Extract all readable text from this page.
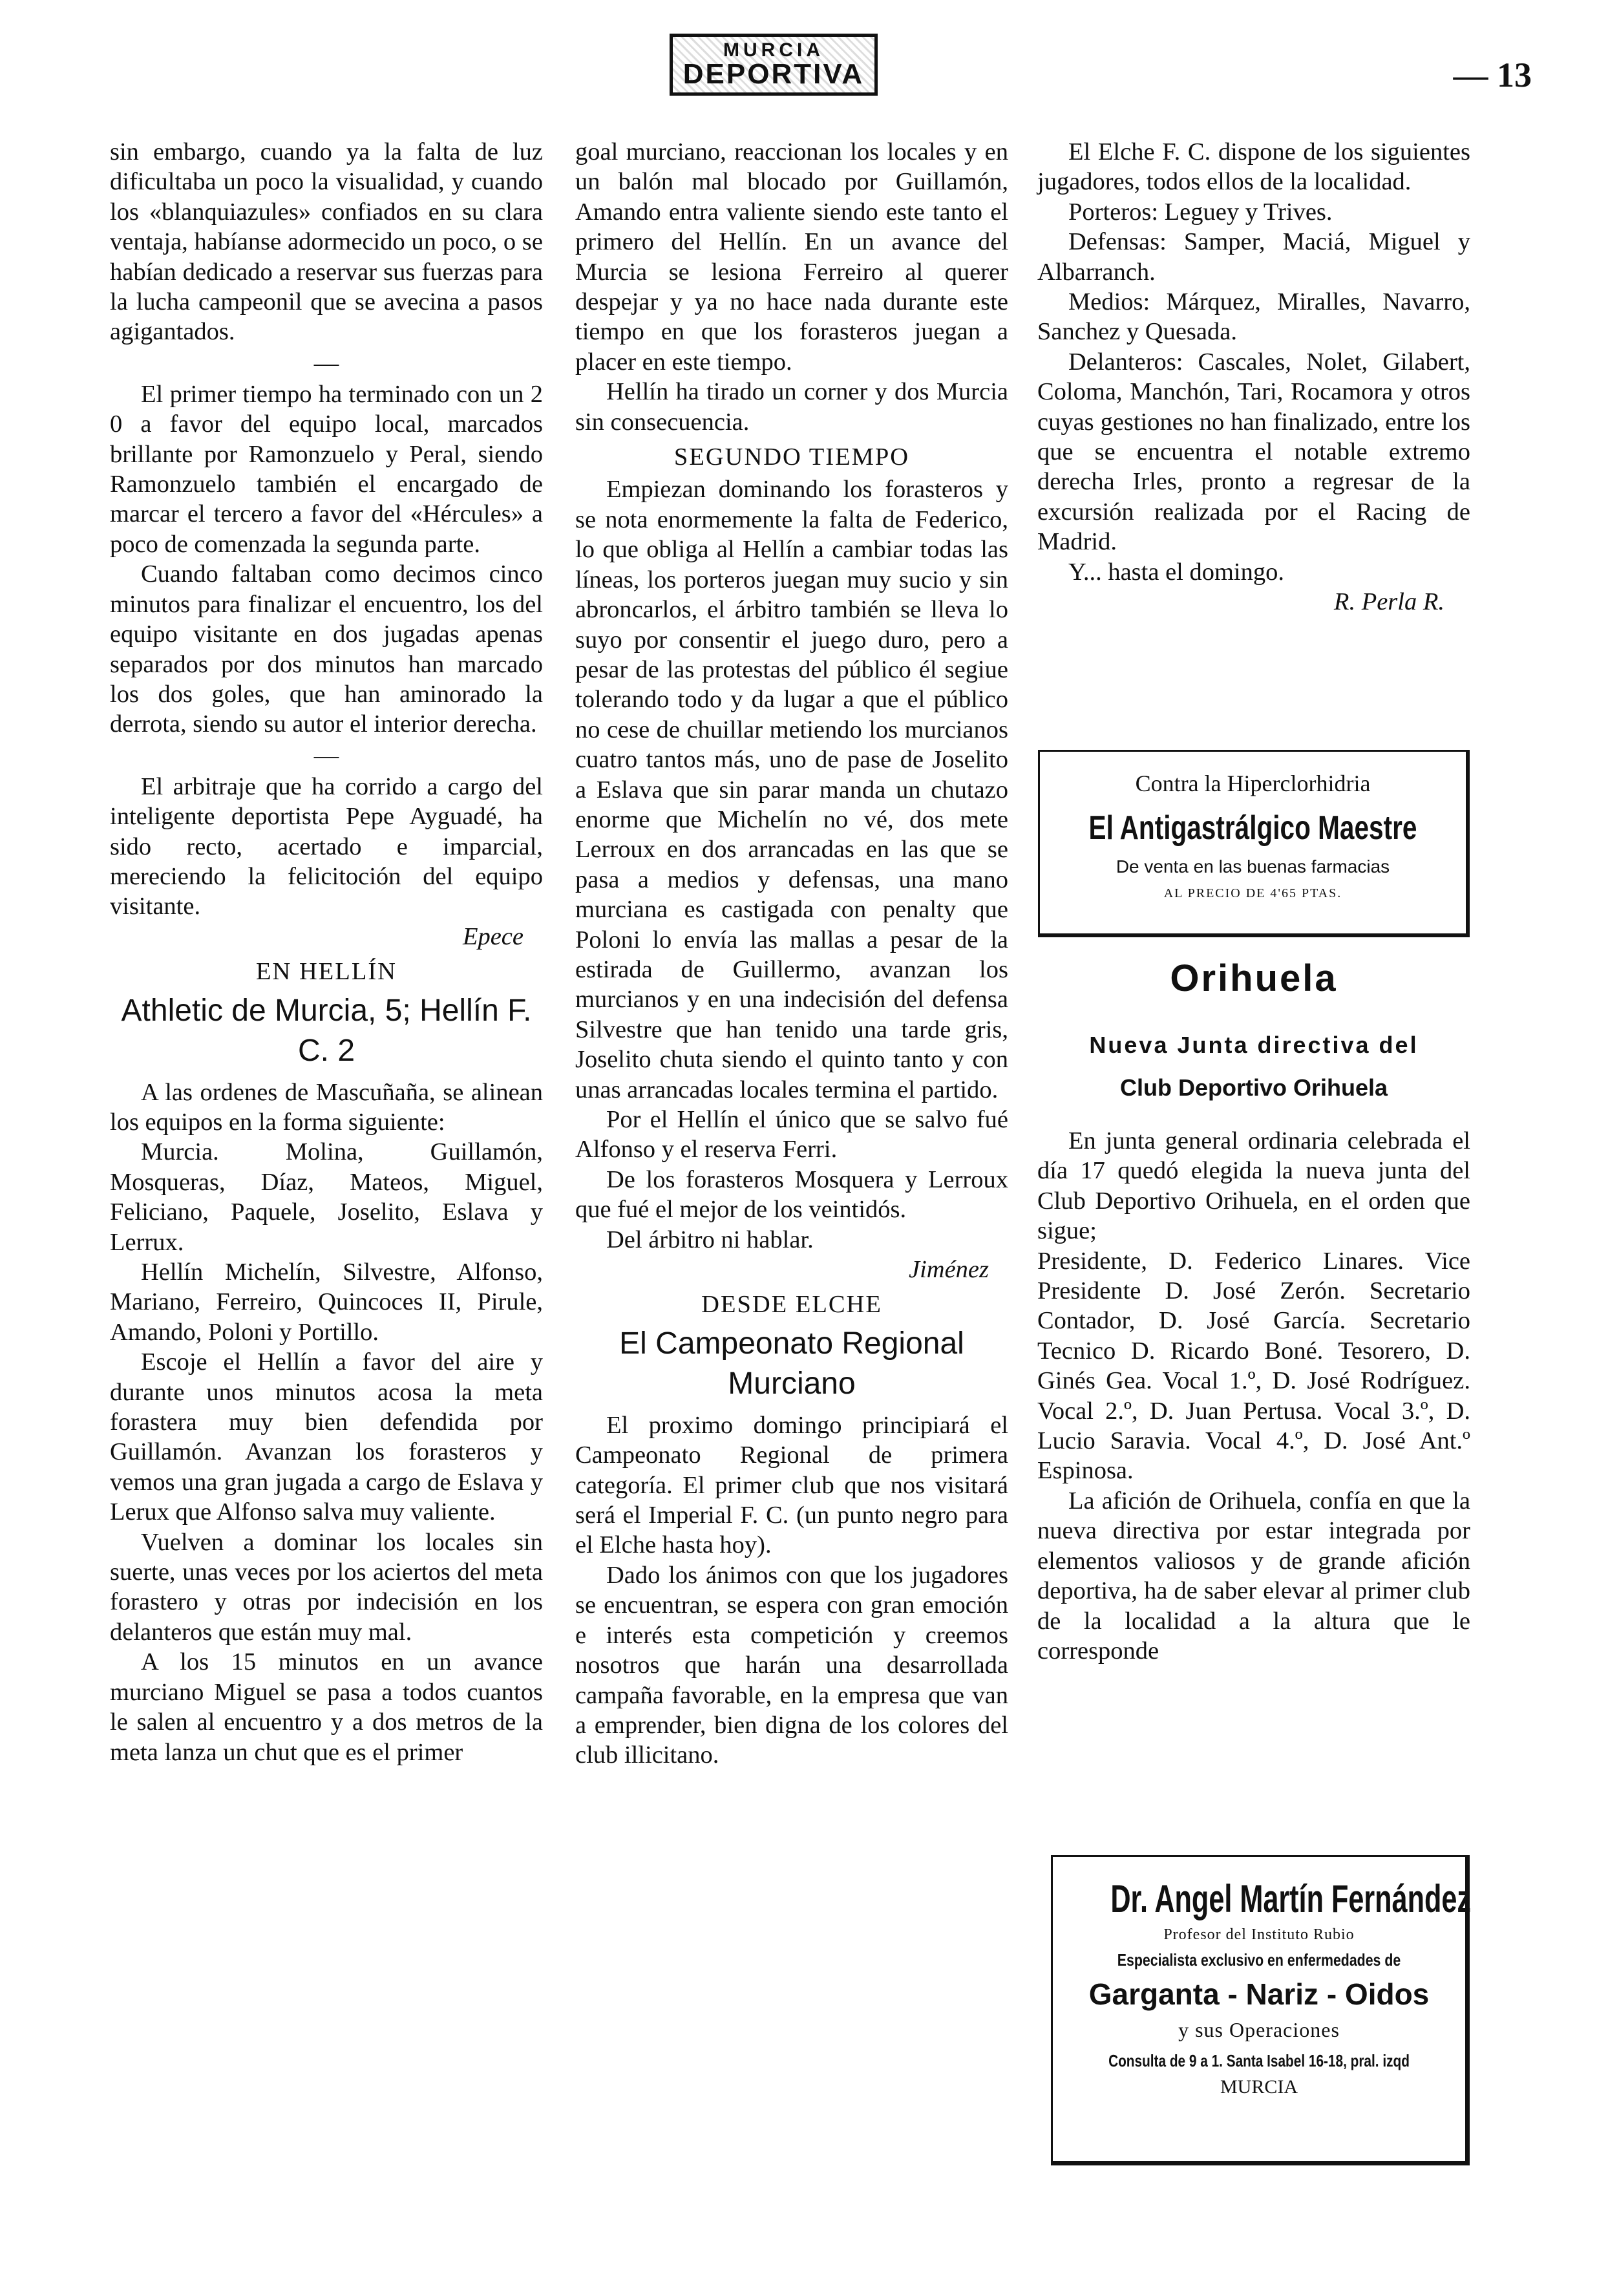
MURCIA
DEPORTIVA	— 13

sin embargo, cuando ya la falta de luz dificultaba un poco la visualidad, y cuando los «blanquiazules» confiados en su clara ventaja, habíanse adormecido un poco, o se habían dedicado a reservar sus fuerzas para la lucha campeonil que se avecina a pasos agigantados.

—

El primer tiempo ha terminado con un 2 0 a favor del equipo local, marcados brillante por Ramonzuelo y Peral, siendo Ramonzuelo también el encargado de marcar el tercero a favor del «Hércules» a poco de comenzada la segunda parte.

Cuando faltaban como decimos cinco minutos para finalizar el encuentro, los del equipo visitante en dos jugadas apenas separados por dos minutos han marcado los dos goles, que han aminorado la derrota, siendo su autor el interior derecha.

—

El arbitraje que ha corrido a cargo del inteligente deportista Pepe Ayguadé, ha sido recto, acertado e imparcial, mereciendo la felicitoción del equipo visitante.

Epece

EN HELLÍN
Athletic de Murcia, 5; Hellín F. C. 2

A las ordenes de Mascuñaña, se alinean los equipos en la forma siguiente:

Murcia. Molina, Guillamón, Mosqueras, Díaz, Mateos, Miguel, Feliciano, Paquele, Joselito, Eslava y Lerrux.

Hellín Michelín, Silvestre, Alfonso, Mariano, Ferreiro, Quincoces II, Pirule, Amando, Poloni y Portillo.

Escoje el Hellín a favor del aire y durante unos minutos acosa la meta forastera muy bien defendida por Guillamón. Avanzan los forasteros y vemos una gran jugada a cargo de Eslava y Lerux que Alfonso salva muy valiente.

Vuelven a dominar los locales sin suerte, unas veces por los aciertos del meta forastero y otras por indecisión en los delanteros que están muy mal.

A los 15 minutos en un avance murciano Miguel se pasa a todos cuantos le salen al encuentro y a dos metros de la meta lanza un chut que es el primer

goal murciano, reaccionan los locales y en un balón mal blocado por Guillamón, Amando entra valiente siendo este tanto el primero del Hellín. En un avance del Murcia se lesiona Ferreiro al querer despejar y ya no hace nada durante este tiempo en que los forasteros juegan a placer en este tiempo.

Hellín ha tirado un corner y dos Murcia sin consecuencia.

SEGUNDO TIEMPO

Empiezan dominando los forasteros y se nota enormemente la falta de Federico, lo que obliga al Hellín a cambiar todas las líneas, los porteros juegan muy sucio y sin abroncarlos, el árbitro también se lleva lo suyo por consentir el juego duro, pero a pesar de las protestas del público él segiue tolerando todo y da lugar a que el público no cese de chuillar metiendo los murcianos cuatro tantos más, uno de pase de Joselito a Eslava que sin parar manda un chutazo enorme que Michelín no vé, dos mete Lerroux en dos arrancadas en las que se pasa a medios y defensas, una mano murciana es castigada con penalty que Poloni lo envía las mallas a pesar de la estirada de Guillermo, avanzan los murcianos y en una indecisión del defensa Silvestre que han tenido una tarde gris, Joselito chuta siendo el quinto tanto y con unas arrancadas locales termina el partido.

Por el Hellín el único que se salvo fué Alfonso y el reserva Ferri.

De los forasteros Mosquera y Lerroux que fué el mejor de los veintidós.

Del árbitro ni hablar.

Jiménez

DESDE ELCHE
El Campeonato Regional Murciano

El proximo domingo principiará el Campeonato Regional de primera categoría. El primer club que nos visitará será el Imperial F. C. (un punto negro para el Elche hasta hoy).

Dado los ánimos con que los jugadores se encuentran, se espera con gran emoción e interés esta competición y creemos nosotros que harán una desarrollada campaña favorable, en la empresa que van a emprender, bien digna de los colores del club illicitano.

El Elche F. C. dispone de los siguientes jugadores, todos ellos de la localidad.

Porteros: Leguey y Trives.

Defensas: Samper, Maciá, Miguel y Albarranch.

Medios: Márquez, Miralles, Navarro, Sanchez y Quesada.

Delanteros: Cascales, Nolet, Gilabert, Coloma, Manchón, Tari, Rocamora y otros cuyas gestiones no han finalizado, entre los que se encuentra el notable extremo derecha Irles, pronto a regresar de la excursión realizada por el Racing de Madrid.

Y... hasta el domingo.

R. Perla R.

Contra la Hiperclorhidria
El Antigastrálgico Maestre
De venta en las buenas farmacias
AL PRECIO DE 4'65 PTAS.
Orihuela
Nueva Junta directiva del
Club Deportivo Orihuela

En junta general ordinaria celebrada el día 17 quedó elegida la nueva junta del Club Deportivo Orihuela, en el orden que sigue;

Presidente, D. Federico Linares. Vice Presidente D. José Zerón. Secretario Contador, D. José García. Secretario Tecnico D. Ricardo Boné. Tesorero, D. Ginés Gea. Vocal 1.º, D. José Rodríguez. Vocal 2.º, D. Juan Pertusa. Vocal 3.º, D. Lucio Saravia. Vocal 4.º, D. José Ant.º Espinosa.

La afición de Orihuela, confía en que la nueva directiva por estar integrada por elementos valiosos y de grande afición deportiva, ha de saber elevar al primer club de la localidad a la altura que le corresponde

Dr. Angel Martín Fernández
Profesor del Instituto Rubio
Especialista exclusivo en enfermedades de
Garganta - Nariz - Oidos
y sus Operaciones
Consulta de 9 a 1. Santa Isabel 16-18, pral. izqd
MURCIA
